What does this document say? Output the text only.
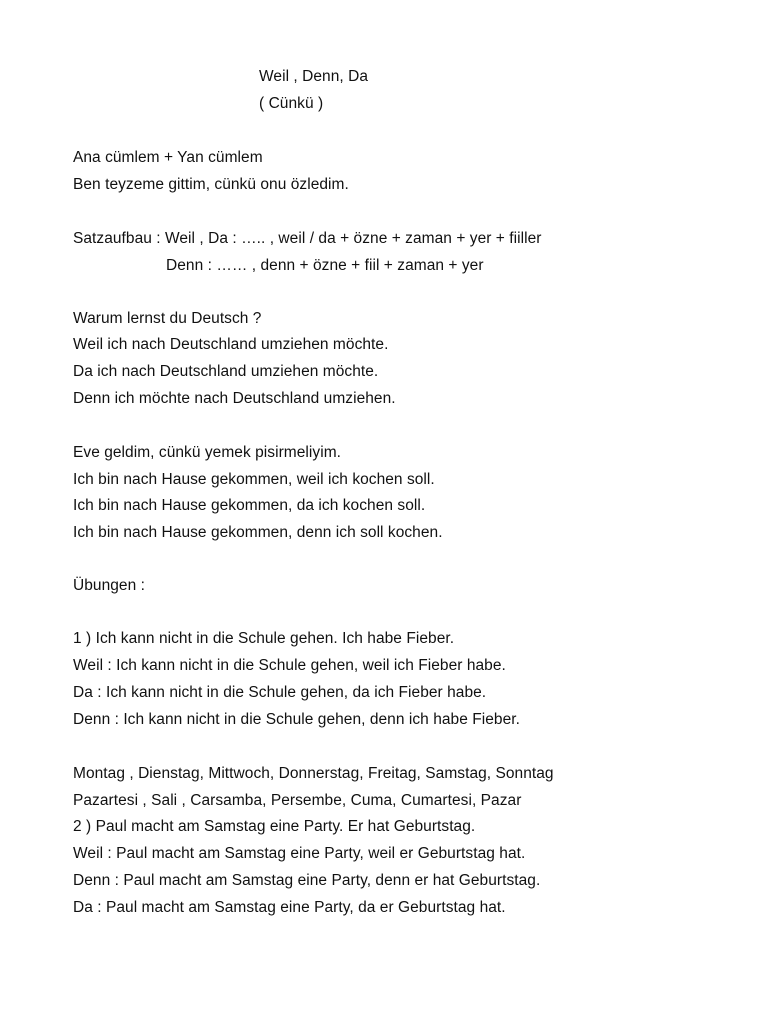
Weil , Denn, Da
( Cünkü )
Ana cümlem + Yan cümlem
Ben teyzeme gittim, cünkü onu özledim.
Satzaufbau : Weil , Da : ….. , weil / da + özne + zaman + yer + fiiller
Denn : …… , denn + özne + fiil + zaman + yer
Warum lernst du Deutsch ?
Weil ich nach Deutschland umziehen möchte.
Da ich nach Deutschland umziehen möchte.
Denn ich möchte nach Deutschland umziehen.
Eve geldim, cünkü yemek pisirmeliyim.
Ich bin nach Hause gekommen, weil ich kochen soll.
Ich bin nach Hause gekommen, da ich kochen soll.
Ich bin nach Hause gekommen, denn ich soll kochen.
Übungen :
1 ) Ich kann nicht in die Schule gehen. Ich habe Fieber.
Weil : Ich kann nicht in die Schule gehen, weil ich Fieber habe.
Da : Ich kann nicht in die Schule gehen, da ich Fieber habe.
Denn : Ich kann nicht in die Schule gehen, denn ich habe Fieber.
Montag , Dienstag, Mittwoch, Donnerstag, Freitag, Samstag, Sonntag
Pazartesi , Sali , Carsamba, Persembe, Cuma, Cumartesi, Pazar
2 ) Paul macht am Samstag eine Party. Er hat Geburtstag.
Weil : Paul macht am Samstag eine Party, weil er Geburtstag hat.
Denn : Paul macht am Samstag eine Party, denn er hat Geburtstag.
Da : Paul macht am Samstag eine Party, da er Geburtstag hat.
